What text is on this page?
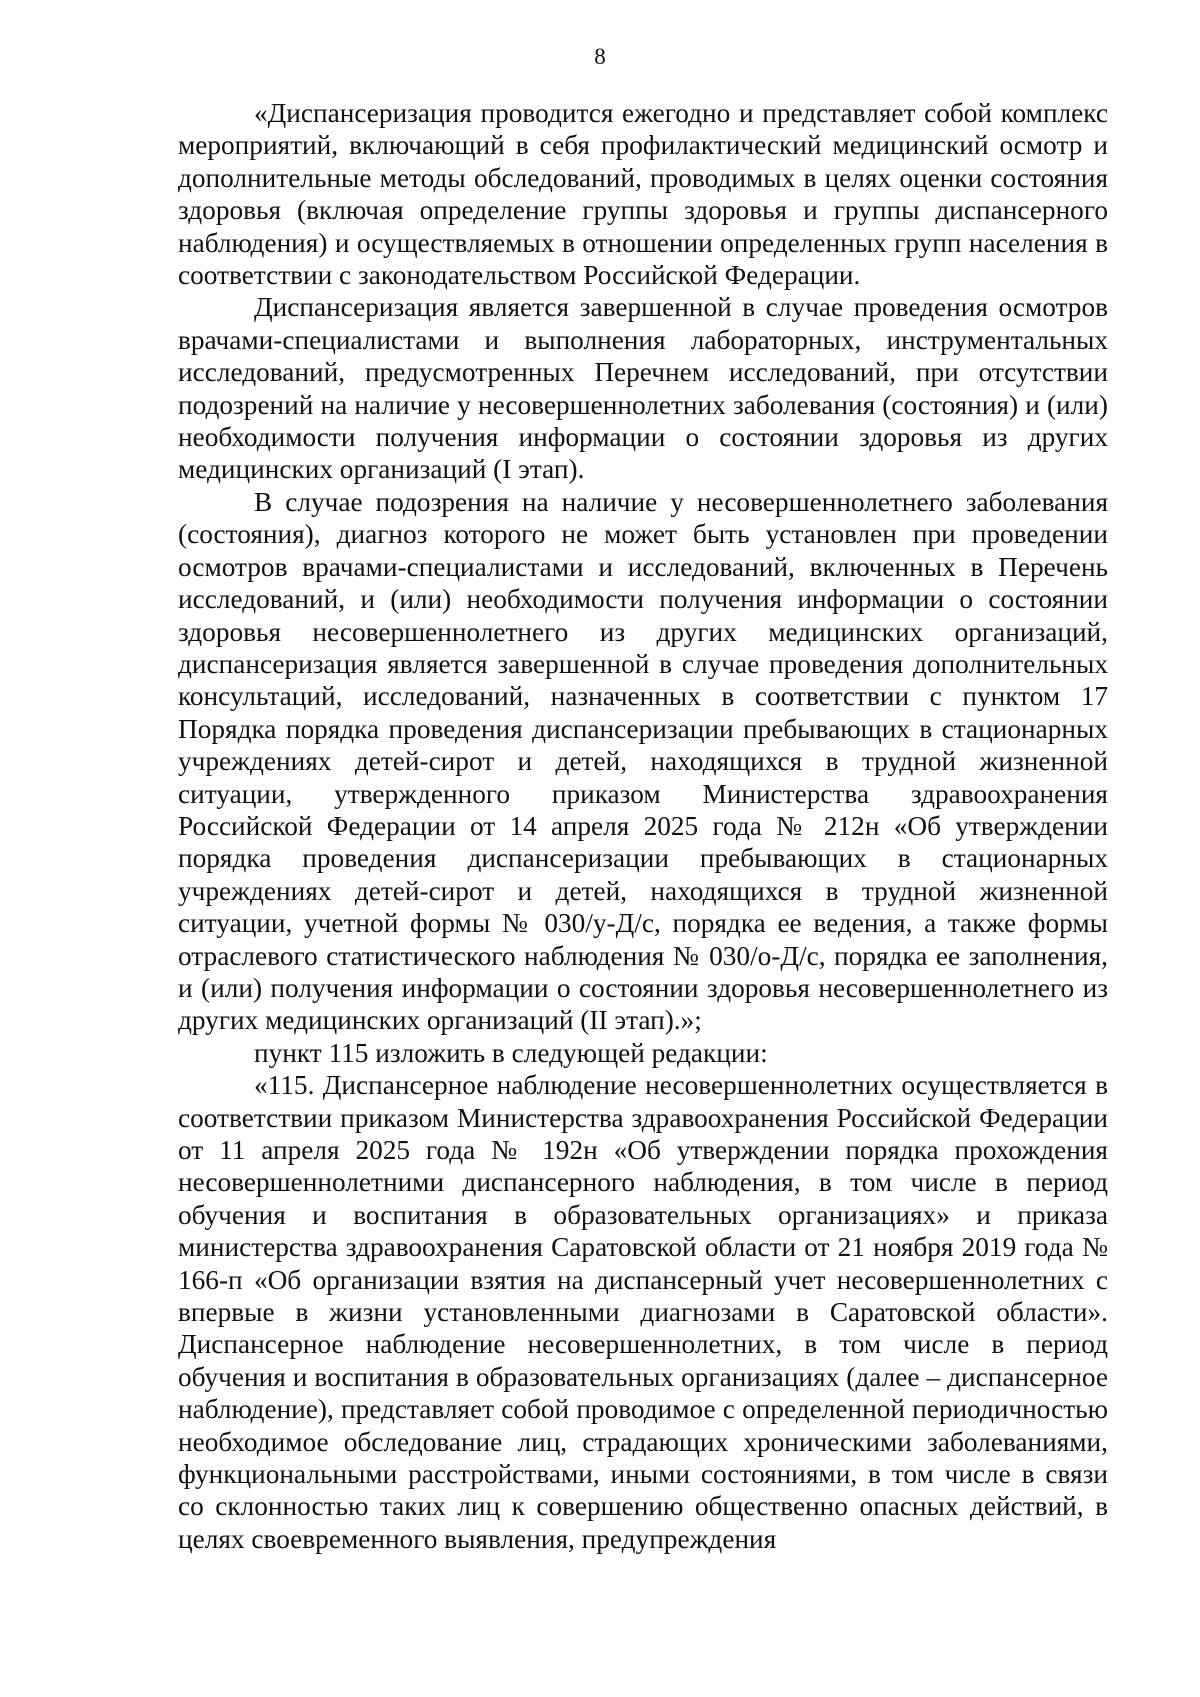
8

«Диспансеризация проводится ежегодно и представляет собой комплекс мероприятий, включающий в себя профилактический медицинский осмотр и дополнительные методы обследований, проводимых в целях оценки состояния здоровья (включая определение группы здоровья и группы диспансерного наблюдения) и осуществляемых в отношении определенных групп населения в соответствии с законодательством Российской Федерации.

Диспансеризация является завершенной в случае проведения осмотров врачами-специалистами и выполнения лабораторных, инструментальных исследований, предусмотренных Перечнем исследований, при отсутствии подозрений на наличие у несовершеннолетних заболевания (состояния) и (или) необходимости получения информации о состоянии здоровья из других медицинских организаций (I этап).

В случае подозрения на наличие у несовершеннолетнего заболевания (состояния), диагноз которого не может быть установлен при проведении осмотров врачами-специалистами и исследований, включенных в Перечень исследований, и (или) необходимости получения информации о состоянии здоровья несовершеннолетнего из других медицинских организаций, диспансеризация является завершенной в случае проведения дополнительных консультаций, исследований, назначенных в соответствии с пунктом 17 Порядка порядка проведения диспансеризации пребывающих в стационарных учреждениях детей-сирот и детей, находящихся в трудной жизненной ситуации, утвержденного приказом Министерства здравоохранения Российской Федерации от 14 апреля 2025 года № 212н «Об утверждении порядка проведения диспансеризации пребывающих в стационарных учреждениях детей-сирот и детей, находящихся в трудной жизненной ситуации, учетной формы № 030/у-Д/с, порядка ее ведения, а также формы отраслевого статистического наблюдения № 030/о-Д/с, порядка ее заполнения, и (или) получения информации о состоянии здоровья несовершеннолетнего из других медицинских организаций (II этап).»;

пункт 115 изложить в следующей редакции:

«115. Диспансерное наблюдение несовершеннолетних осуществляется в соответствии приказом Министерства здравоохранения Российской Федерации от 11 апреля 2025 года № 192н «Об утверждении порядка прохождения несовершеннолетними диспансерного наблюдения, в том числе в период обучения и воспитания в образовательных организациях» и приказа министерства здравоохранения Саратовской области от 21 ноября 2019 года № 166-п «Об организации взятия на диспансерный учет несовершеннолетних с впервые в жизни установленными диагнозами в Саратовской области». Диспансерное наблюдение несовершеннолетних, в том числе в период обучения и воспитания в образовательных организациях (далее – диспансерное наблюдение), представляет собой проводимое с определенной периодичностью необходимое обследование лиц, страдающих хроническими заболеваниями, функциональными расстройствами, иными состояниями, в том числе в связи со склонностью таких лиц к совершению общественно опасных действий, в целях своевременного выявления, предупреждения
